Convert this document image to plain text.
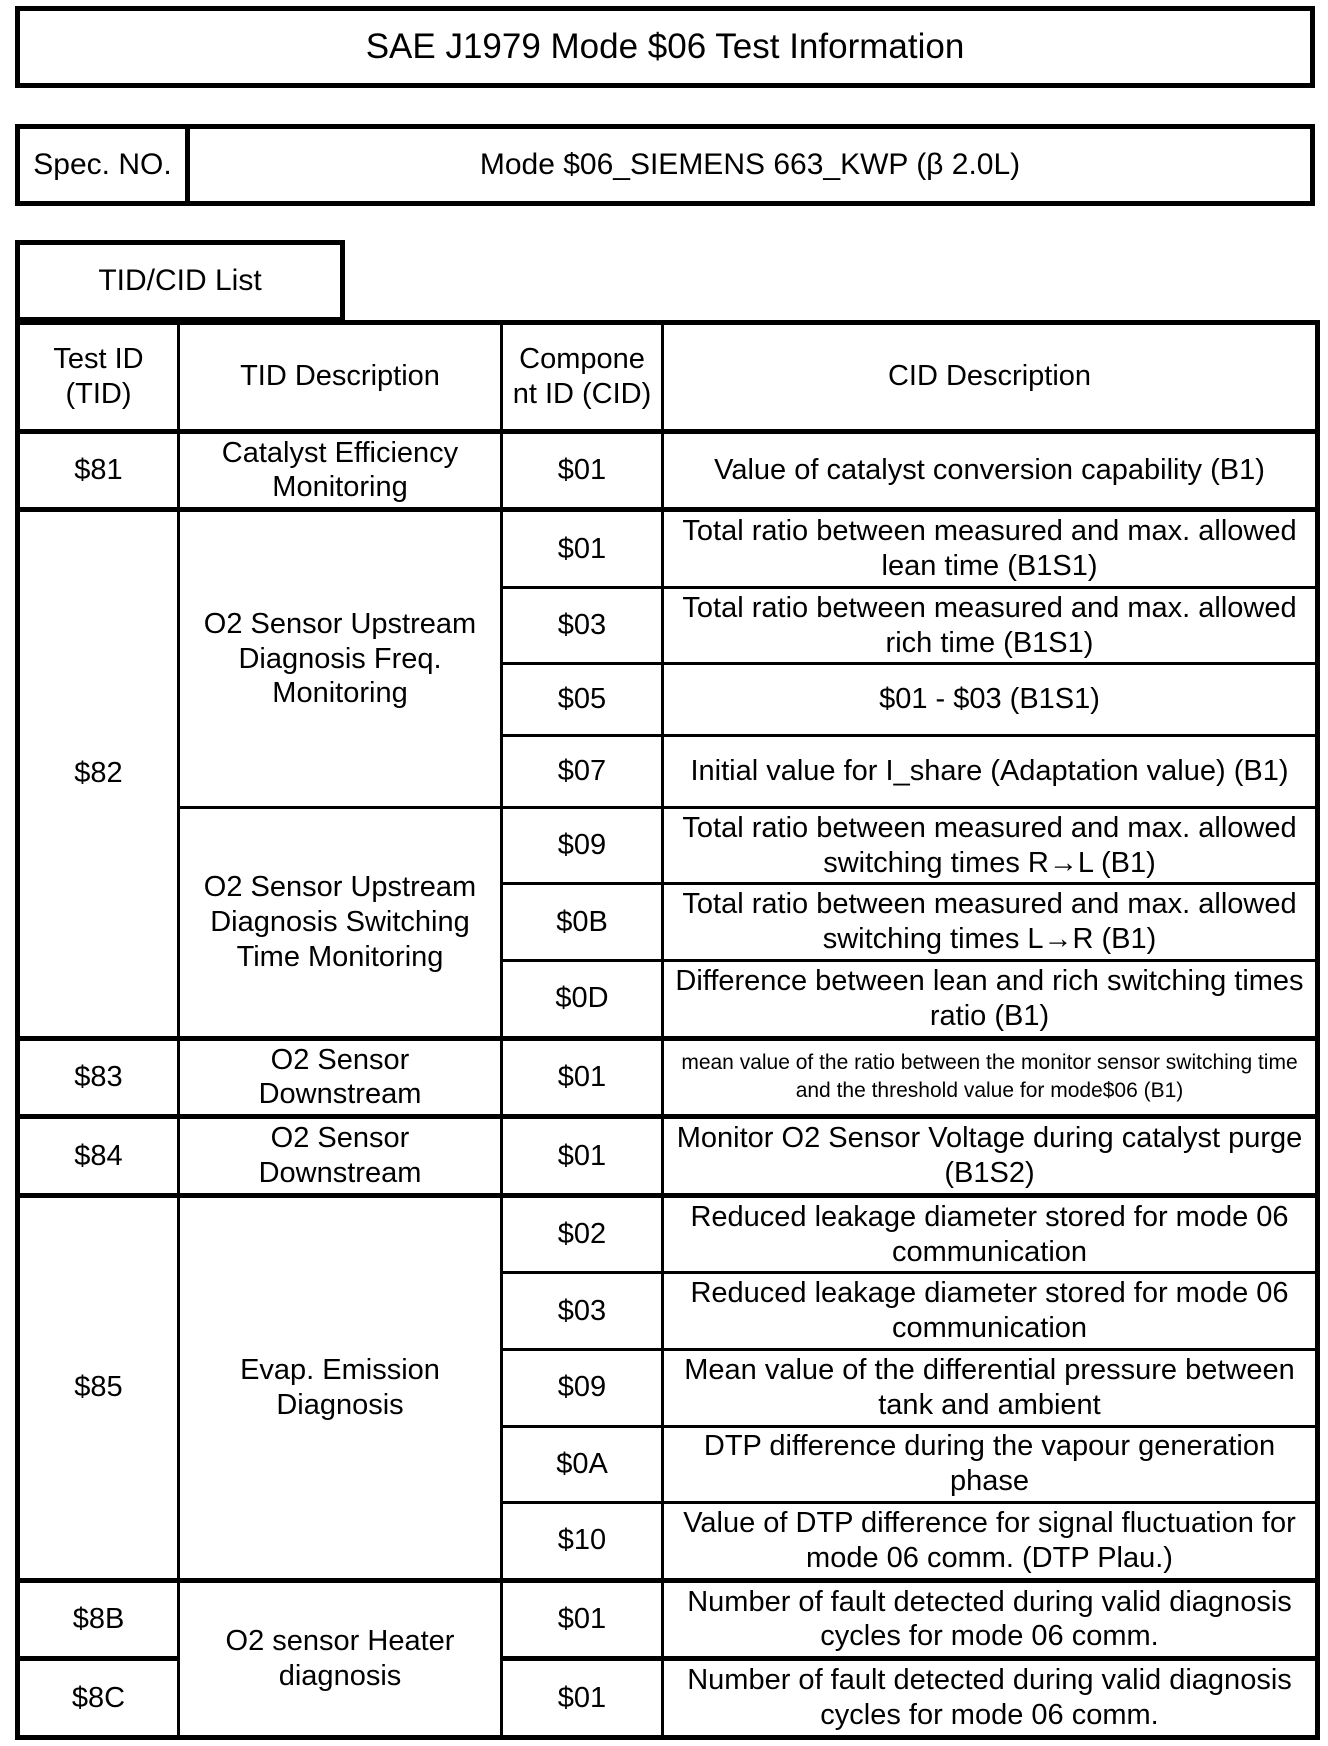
SAE J1979 Mode $06 Test Information
Spec. NO.	Mode $06_SIEMENS 663_KWP (β 2.0L)
TID/CID List
Test ID (TID)	TID Description	Compone nt ID (CID)	CID Description
$81	Catalyst Efficiency Monitoring	$01	Value of catalyst conversion capability (B1)
$82	O2 Sensor Upstream Diagnosis Freq. Monitoring	$01	Total ratio between measured and max. allowed lean time (B1S1)
		$03	Total ratio between measured and max. allowed rich time (B1S1)
		$05	$01 - $03 (B1S1)
		$07	Initial value for I_share (Adaptation value) (B1)
	O2 Sensor Upstream Diagnosis Switching Time Monitoring	$09	Total ratio between measured and max. allowed switching times R→L (B1)
		$0B	Total ratio between measured and max. allowed switching times L→R (B1)
		$0D	Difference between lean and rich switching times ratio (B1)
$83	O2 Sensor Downstream	$01	mean value of the ratio between the monitor sensor switching time and the threshold value for mode$06 (B1)
$84	O2 Sensor Downstream	$01	Monitor O2 Sensor Voltage during catalyst purge (B1S2)
$85	Evap. Emission Diagnosis	$02	Reduced leakage diameter stored for mode 06 communication
		$03	Reduced leakage diameter stored for mode 06 communication
		$09	Mean value of the differential pressure between tank and ambient
		$0A	DTP difference during the vapour generation phase
		$10	Value of DTP difference for signal fluctuation for mode 06 comm. (DTP Plau.)
$8B	O2 sensor Heater diagnosis	$01	Number of fault detected during valid diagnosis cycles for mode 06 comm.
$8C		$01	Number of fault detected during valid diagnosis cycles for mode 06 comm.
